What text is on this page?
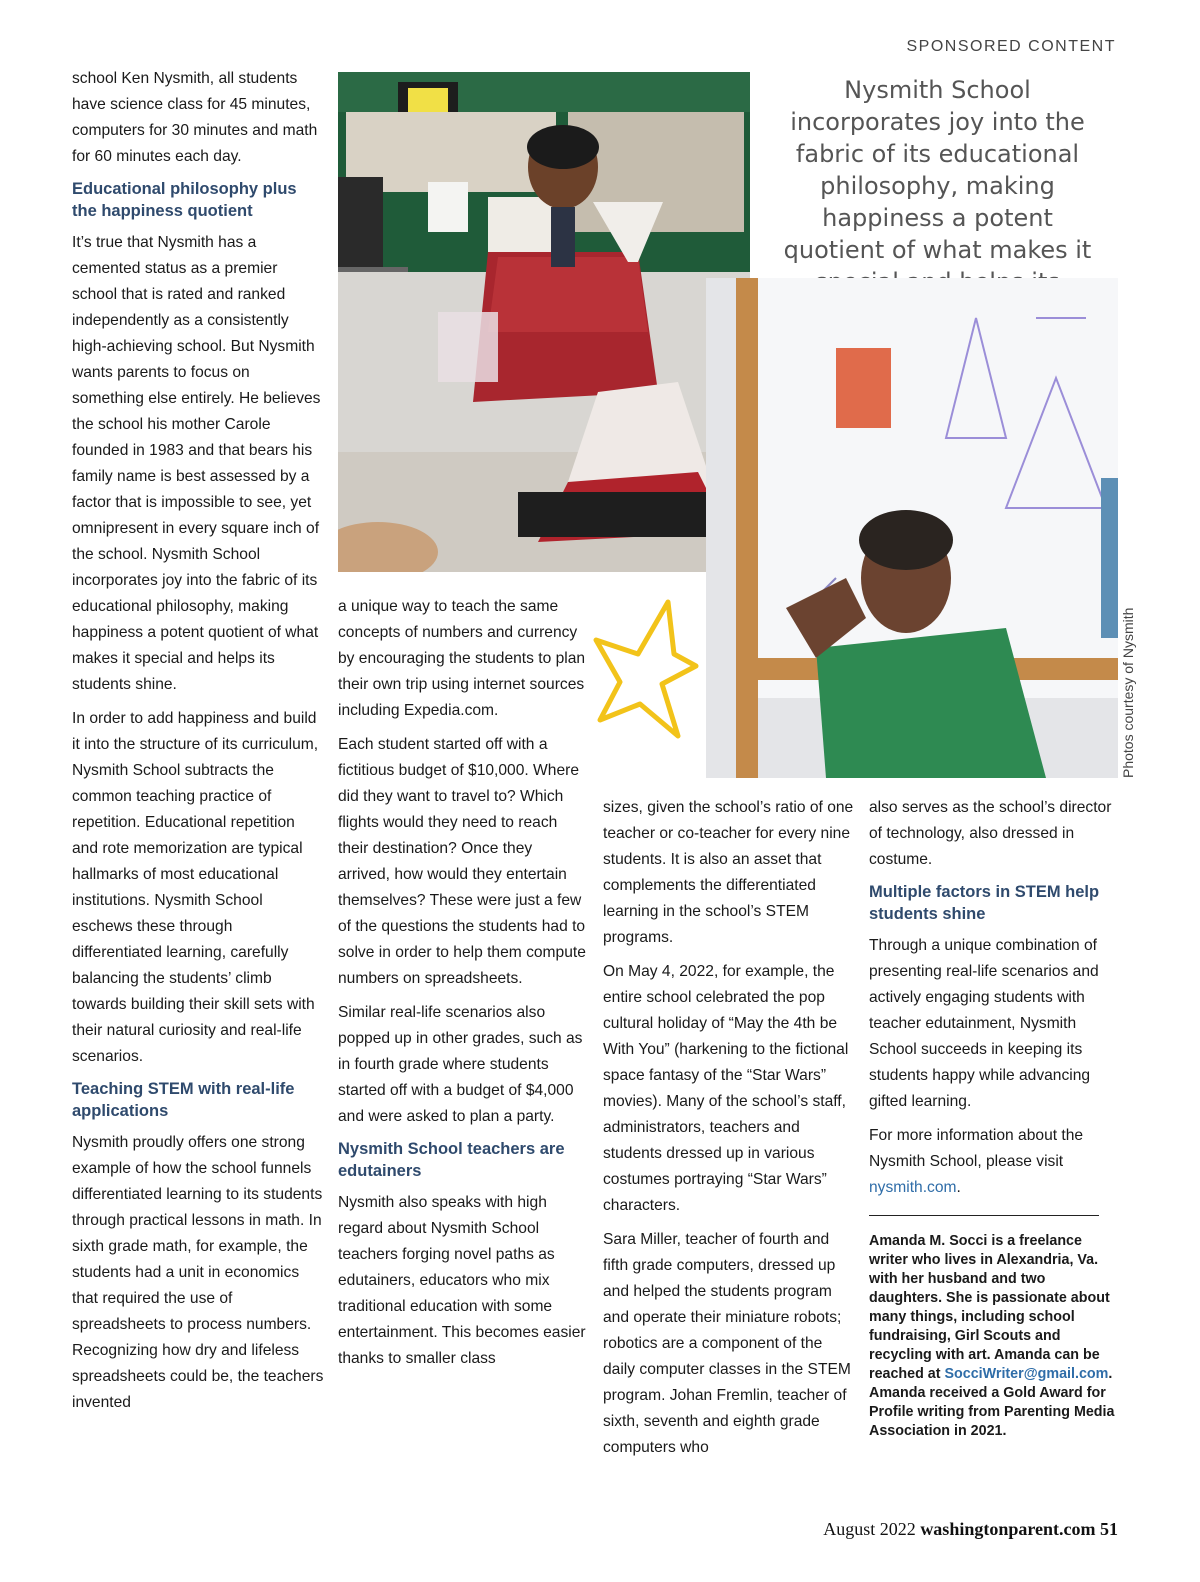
SPONSORED CONTENT

school Ken Nysmith, all students have science class for 45 minutes, computers for 30 minutes and math for 60 minutes each day.

Educational philosophy plus the happiness quotient

It’s true that Nysmith has a cemented status as a premier school that is rated and ranked independently as a consistently high-achieving school. But Nysmith wants parents to focus on something else entirely. He believes the school his mother Carole founded in 1983 and that bears his family name is best assessed by a factor that is impossible to see, yet omnipresent in every square inch of the school. Nysmith School incorporates joy into the fabric of its educational philosophy, making happiness a potent quotient of what makes it special and helps its students shine.

In order to add happiness and build it into the structure of its curriculum, Nysmith School subtracts the common teaching practice of repetition. Educational repetition and rote memorization are typical hallmarks of most educational institutions. Nysmith School eschews these through differentiated learning, carefully balancing the students’ climb towards building their skill sets with their natural curiosity and real-life scenarios.

Teaching STEM with real-life applications

Nysmith proudly offers one strong example of how the school funnels differentiated learning to its students through practical lessons in math. In sixth grade math, for example, the students had a unit in economics that required the use of spreadsheets to process numbers. Recognizing how dry and lifeless spreadsheets could be, the teachers invented

Nysmith School incorporates joy into the fabric of its educational philosophy, making happiness a potent quotient of what makes it
Photos courtesy of Nysmith

a unique way to teach the same concepts of numbers and currency by encouraging the students to plan their own trip using internet sources including Expedia.com.

Each student started off with a fictitious budget of $10,000. Where did they want to travel to? Which flights would they need to reach their destination? Once they arrived, how would they entertain themselves? These were just a few of the questions the students had to solve in order to help them compute numbers on spreadsheets.

Similar real-life scenarios also popped up in other grades, such as in fourth grade where students started off with a budget of $4,000 and were asked to plan a party.

Nysmith School teachers are edutainers

Nysmith also speaks with high regard about Nysmith School teachers forging novel paths as edutainers, educators who mix traditional education with some entertainment. This becomes easier thanks to smaller class

sizes, given the school’s ratio of one teacher or co-teacher for every nine students. It is also an asset that complements the differentiated learning in the school’s STEM programs.

On May 4, 2022, for example, the entire school celebrated the pop cultural holiday of “May the 4th be With You” (harkening to the fictional space fantasy of the “Star Wars” movies). Many of the school’s staff, administrators, teachers and students dressed up in various costumes portraying “Star Wars” characters.

Sara Miller, teacher of fourth and fifth grade computers, dressed up and helped the students program and operate their miniature robots; robotics are a component of the daily computer classes in the STEM program. Johan Fremlin, teacher of sixth, seventh and eighth grade computers who

also serves as the school’s director of technology, also dressed in costume.

Multiple factors in STEM help students shine

Through a unique combination of presenting real-life scenarios and actively engaging students with teacher edutainment, Nysmith School succeeds in keeping its students happy while advancing gifted learning.

For more information about the Nysmith School, please visit nysmith.com.

Amanda M. Socci is a freelance writer who lives in Alexandria, Va. with her husband and two daughters. She is passionate about many things, including school fundraising, Girl Scouts and recycling with art. Amanda can be reached at SocciWriter@gmail.com. Amanda received a Gold Award for Profile writing from Parenting Media Association in 2021.
August 2022 washingtonparent.com 51
